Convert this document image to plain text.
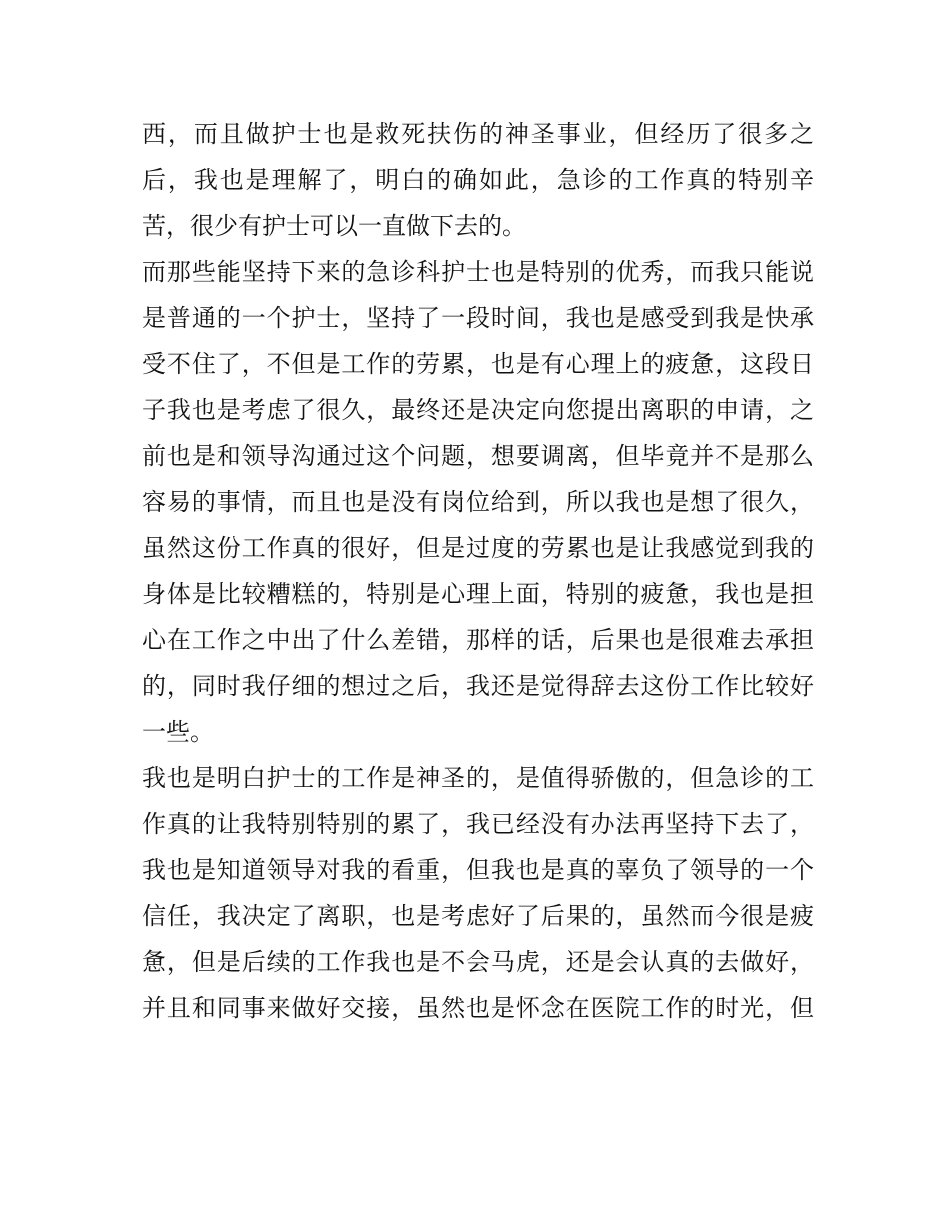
西，而且做护士也是救死扶伤的神圣事业，但经历了很多之
后，我也是理解了，明白的确如此，急诊的工作真的特别辛
苦，很少有护士可以一直做下去的。
而那些能坚持下来的急诊科护士也是特别的优秀，而我只能说
是普通的一个护士，坚持了一段时间，我也是感受到我是快承
受不住了，不但是工作的劳累，也是有心理上的疲惫，这段日
子我也是考虑了很久，最终还是决定向您提出离职的申请，之
前也是和领导沟通过这个问题，想要调离，但毕竟并不是那么
容易的事情，而且也是没有岗位给到，所以我也是想了很久，
虽然这份工作真的很好，但是过度的劳累也是让我感觉到我的
身体是比较糟糕的，特别是心理上面，特别的疲惫，我也是担
心在工作之中出了什么差错，那样的话，后果也是很难去承担
的，同时我仔细的想过之后，我还是觉得辞去这份工作比较好
一些。
我也是明白护士的工作是神圣的，是值得骄傲的，但急诊的工
作真的让我特别特别的累了，我已经没有办法再坚持下去了，
我也是知道领导对我的看重，但我也是真的辜负了领导的一个
信任，我决定了离职，也是考虑好了后果的，虽然而今很是疲
惫，但是后续的工作我也是不会马虎，还是会认真的去做好，
并且和同事来做好交接，虽然也是怀念在医院工作的时光，但
